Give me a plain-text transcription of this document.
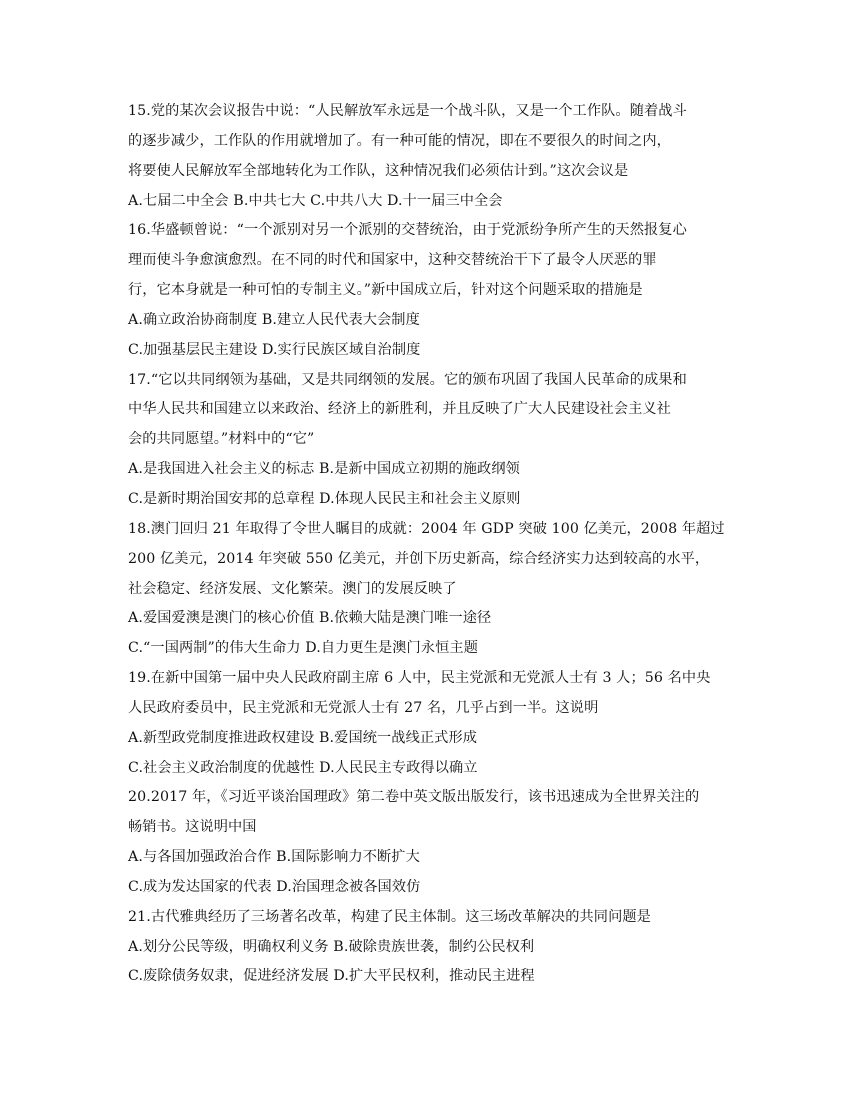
15.党的某次会议报告中说：“人民解放军永远是一个战斗队，又是一个工作队。随着战斗
的逐步减少，工作队的作用就增加了。有一种可能的情况，即在不要很久的时间之内，
将要使人民解放军全部地转化为工作队，这种情况我们必须估计到。”这次会议是
A.七届二中全会 B.中共七大 C.中共八大 D.十一届三中全会
16.华盛顿曾说：“一个派别对另一个派别的交替统治，由于党派纷争所产生的天然报复心
理而使斗争愈演愈烈。在不同的时代和国家中，这种交替统治干下了最令人厌恶的罪
行，它本身就是一种可怕的专制主义。”新中国成立后，针对这个问题采取的措施是
A.确立政治协商制度 B.建立人民代表大会制度
C.加强基层民主建设 D.实行民族区域自治制度
17.“它以共同纲领为基础，又是共同纲领的发展。它的颁布巩固了我国人民革命的成果和
中华人民共和国建立以来政治、经济上的新胜利，并且反映了广大人民建设社会主义社
会的共同愿望。”材料中的“它”
A.是我国进入社会主义的标志 B.是新中国成立初期的施政纲领
C.是新时期治国安邦的总章程 D.体现人民民主和社会主义原则
18.澳门回归 21 年取得了令世人瞩目的成就：2004 年 GDP 突破 100 亿美元，2008 年超过
200 亿美元，2014 年突破 550 亿美元，并创下历史新高，综合经济实力达到较高的水平，
社会稳定、经济发展、文化繁荣。澳门的发展反映了
A.爱国爱澳是澳门的核心价值 B.依赖大陆是澳门唯一途径
C.“一国两制”的伟大生命力 D.自力更生是澳门永恒主题
19.在新中国第一届中央人民政府副主席 6 人中，民主党派和无党派人士有 3 人；56 名中央
人民政府委员中，民主党派和无党派人士有 27 名，几乎占到一半。这说明
A.新型政党制度推进政权建设 B.爱国统一战线正式形成
C.社会主义政治制度的优越性 D.人民民主专政得以确立
20.2017 年，《习近平谈治国理政》第二卷中英文版出版发行，该书迅速成为全世界关注的
畅销书。这说明中国
A.与各国加强政治合作 B.国际影响力不断扩大
C.成为发达国家的代表 D.治国理念被各国效仿
21.古代雅典经历了三场著名改革，构建了民主体制。这三场改革解决的共同问题是
A.划分公民等级，明确权利义务 B.破除贵族世袭，制约公民权利
C.废除债务奴隶，促进经济发展 D.扩大平民权利，推动民主进程
